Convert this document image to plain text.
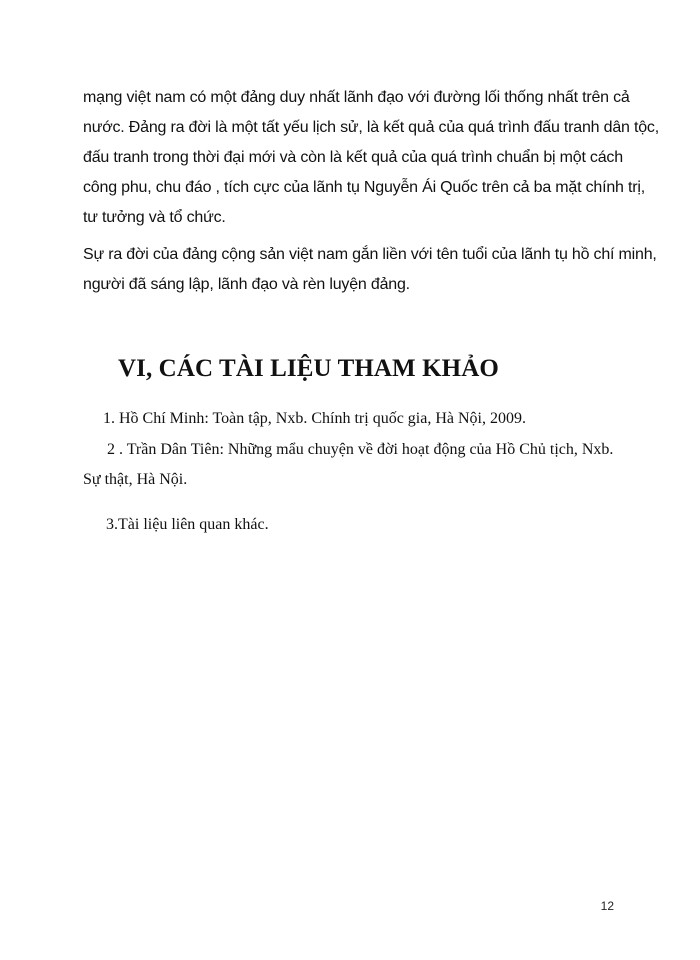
mạng việt nam có một đảng duy nhất lãnh đạo với đường lối thống nhất trên cả
nước. Đảng ra đời là một tất yếu lịch sử, là kết quả của quá trình đấu tranh dân tộc,
đấu tranh trong thời đại mới và còn là kết quả của quá trình chuẩn bị một cách
công phu, chu đáo , tích cực của lãnh tụ Nguyễn Ái Quốc trên cả ba mặt chính trị,
tư tưởng và tổ chức.
Sự ra đời của đảng cộng sản việt nam gắn liền với tên tuổi của lãnh tụ hồ chí minh,
người đã sáng lập, lãnh đạo và rèn luyện đảng.
VI, CÁC TÀI LIỆU THAM KHẢO
1. Hồ Chí Minh: Toàn tập, Nxb. Chính trị quốc gia, Hà Nội, 2009.
2 . Trần Dân Tiên: Những mẩu chuyện về đời hoạt động của Hồ Chủ tịch, Nxb.
Sự thật, Hà Nội.
3.Tài liệu liên quan khác.
12
